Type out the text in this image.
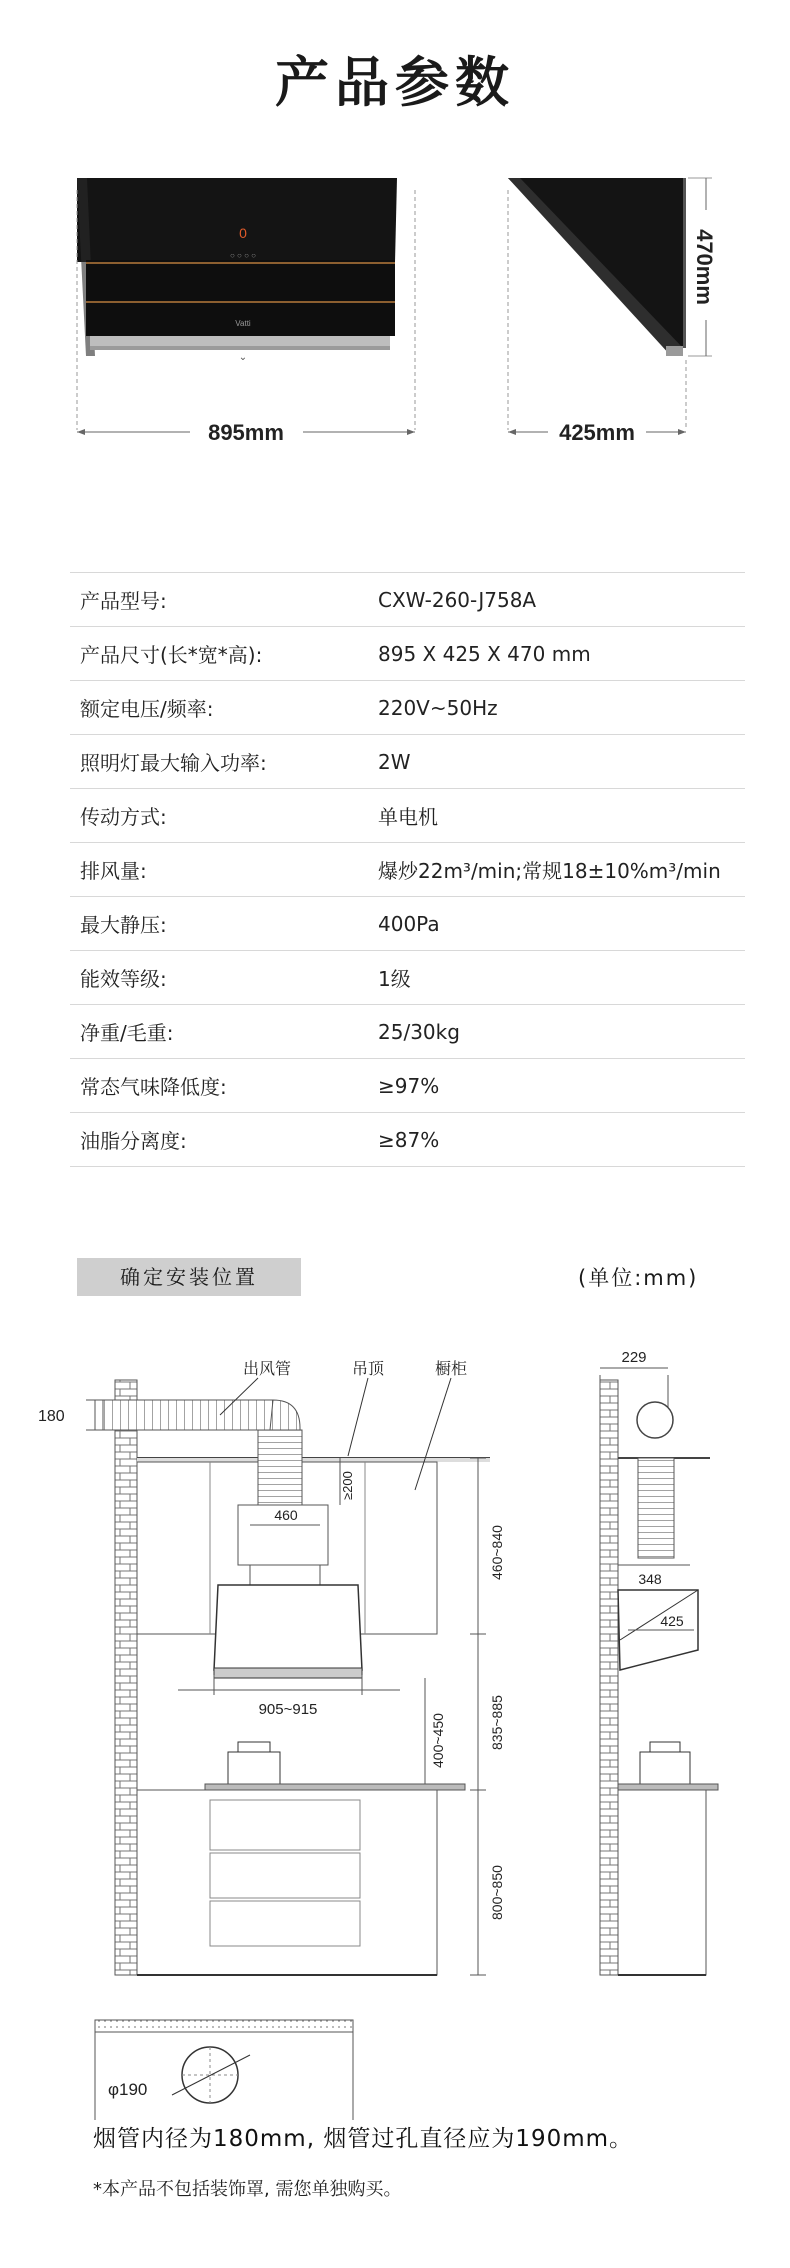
产品参数
0
○ ○ ○ ○
Vatti
⌄
895mm
470mm
425mm
产品型号:	CXW-260-J758A
产品尺寸(长*宽*高):	895 X 425 X 470 mm
额定电压/频率:	220V~50Hz
照明灯最大输入功率:	2W
传动方式:	单电机
排风量:	爆炒22m³/min;常规18±10%m³/min
最大静压:	400Pa
能效等级:	1级
净重/毛重:	25/30kg
常态气味降低度:	≥97%
油脂分离度:	≥87%
确定安装位置	(单位:mm)
出风管	吊顶	橱柜
180
≥200
460
905~915
400~450
460~840
835~885
800~850
229
348
425
φ190
烟管内径为180mm, 烟管过孔直径应为190mm。
*本产品不包括装饰罩, 需您单独购买。
